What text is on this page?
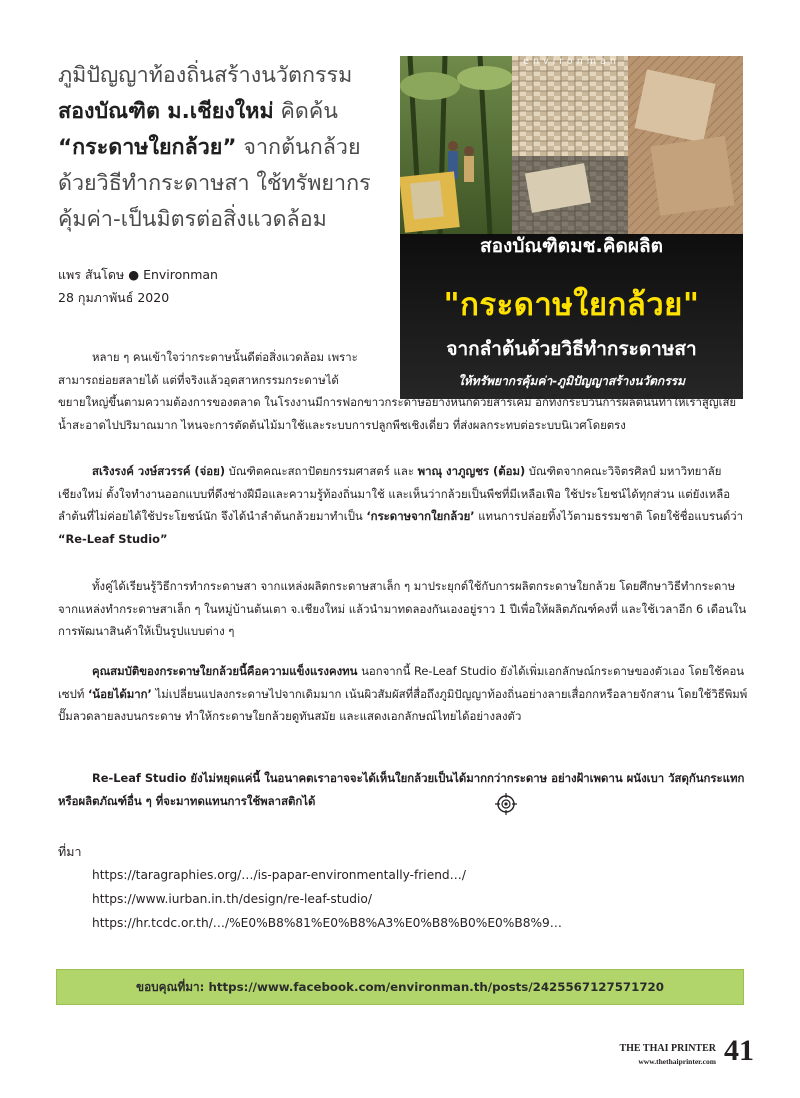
ภูมิปัญญาท้องถิ่นสร้างนวัตกรรม
สองบัณฑิต ม.เชียงใหม่ คิดค้น
“กระดาษใยกล้วย” จากต้นกล้วย
ด้วยวิธีทำกระดาษสา ใช้ทรัพยากร
คุ้มค่า-เป็นมิตรต่อสิ่งแวดล้อม
แพร สันโดษ ● Environman
28 กุมภาพันธ์ 2020
environman
สองบัณฑิตมช.คิดผลิต
"กระดาษใยกล้วย"
จากลำต้นด้วยวิธีทำกระดาษสา
ให้ทรัพยากรคุ้มค่า-ภูมิปัญญาสร้างนวัตกรรม
หลาย ๆ คนเข้าใจว่ากระดาษนั้นดีต่อสิ่งแวดล้อม เพราะ
สามารถย่อยสลายได้ แต่ที่จริงแล้วอุตสาหกรรมกระดาษได้

ขยายใหญ่ขึ้นตามความต้องการของตลาด ในโรงงานมีการฟอกขาวกระดาษอย่างหนักด้วยสารเคมี อีกทั้งกระบวนการผลิตนั้นทำให้เราสูญเสียน้ำสะอาดไปปริมาณมาก ไหนจะการตัดต้นไม้มาใช้และระบบการปลูกพืชเชิงเดี่ยว ที่ส่งผลกระทบต่อระบบนิเวศโดยตรง

สเริงรงค์ วงษ์สวรรค์ (จ่อย) บัณฑิตคณะสถาปัตยกรรมศาสตร์ และ พาณุ งาภูญชร (ต้อม) บัณฑิตจากคณะวิจิตรศิลป์ มหาวิทยาลัยเชียงใหม่ ตั้งใจทำงานออกแบบที่ดึงช่างฝีมือและความรู้ท้องถิ่นมาใช้ และเห็นว่ากล้วยเป็นพืชที่มีเหลือเฟือ ใช้ประโยชน์ได้ทุกส่วน แต่ยังเหลือลำต้นที่ไม่ค่อยได้ใช้ประโยชน์นัก จึงได้นำลำต้นกล้วยมาทำเป็น ‘กระดาษจากใยกล้วย’ แทนการปล่อยทิ้งไว้ตามธรรมชาติ โดยใช้ชื่อแบรนด์ว่า “Re-Leaf Studio”

ทั้งคู่ได้เรียนรู้วิธีการทำกระดาษสา จากแหล่งผลิตกระดาษสาเล็ก ๆ มาประยุกต์ใช้กับการผลิตกระดาษใยกล้วย โดยศึกษาวิธีทำกระดาษจากแหล่งทำกระดาษสาเล็ก ๆ ในหมู่บ้านต้นเตา จ.เชียงใหม่ แล้วนำมาทดลองกันเองอยู่ราว 1 ปีเพื่อให้ผลิตภัณฑ์คงที่ และใช้เวลาอีก 6 เดือนในการพัฒนาสินค้าให้เป็นรูปแบบต่าง ๆ

คุณสมบัติของกระดาษใยกล้วยนี้คือความแข็งแรงคงทน นอกจากนี้ Re-Leaf Studio ยังได้เพิ่มเอกลักษณ์กระดาษของตัวเอง โดยใช้คอนเซปท์ ‘น้อยได้มาก’ ไม่เปลี่ยนแปลงกระดาษไปจากเดิมมาก เน้นผิวสัมผัสที่สื่อถึงภูมิปัญญาท้องถิ่นอย่างลายเสื่อกกหรือลายจักสาน โดยใช้วิธีพิมพ์ปั๊มลวดลายลงบนกระดาษ ทำให้กระดาษใยกล้วยดูทันสมัย และแสดงเอกลักษณ์ไทยได้อย่างลงตัว

Re-Leaf Studio ยังไม่หยุดแค่นี้ ในอนาคตเราอาจจะได้เห็นใยกล้วยเป็นได้มากกว่ากระดาษ อย่างฝ้าเพดาน ผนังเบา วัสดุกันกระแทก หรือผลิตภัณฑ์อื่น ๆ ที่จะมาทดแทนการใช้พลาสติกได้

ที่มา
https://taragraphies.org/…/is-papar-environmentally-friend…/
https://www.iurban.in.th/design/re-leaf-studio/
https://hr.tcdc.or.th/…/%E0%B8%81%E0%B8%A3%E0%B8%B0%E0%B8%9…
ขอบคุณที่มา: https://www.facebook.com/environman.th/posts/2425567127571720
THE THAI PRINTER
www.thethaiprinter.com 41
